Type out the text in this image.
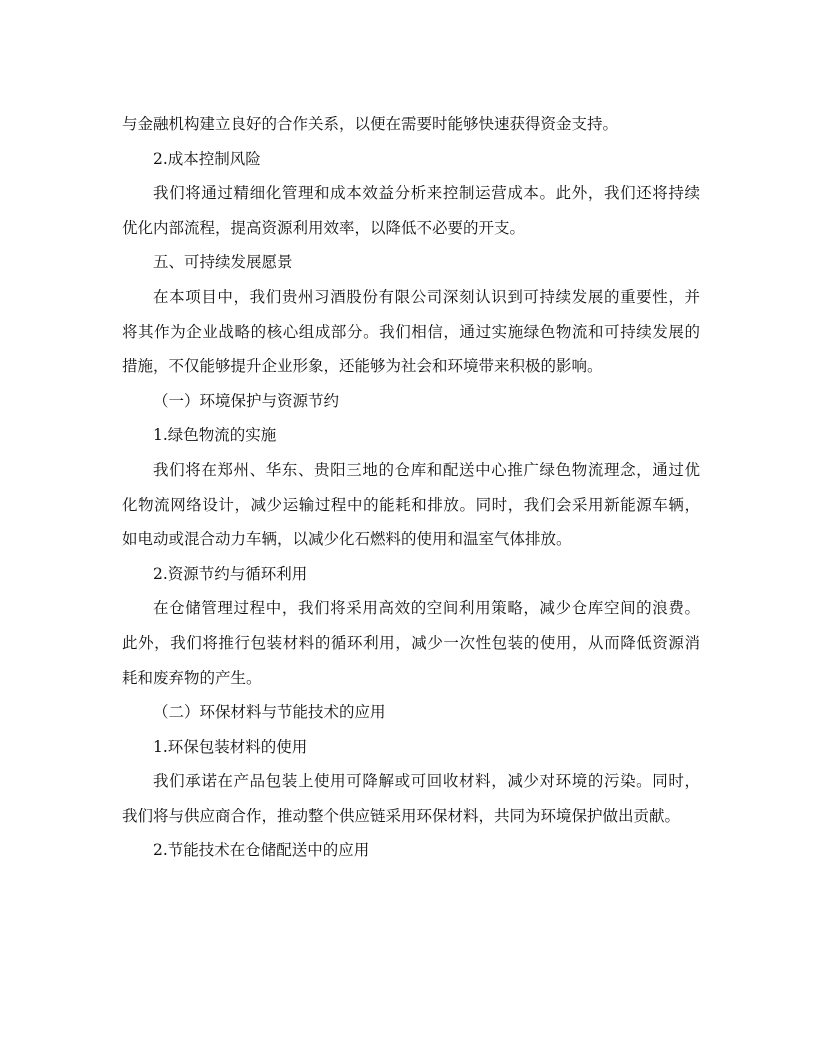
与金融机构建立良好的合作关系，以便在需要时能够快速获得资金支持。
2.成本控制风险
我们将通过精细化管理和成本效益分析来控制运营成本。此外，我们还将持续
优化内部流程，提高资源利用效率，以降低不必要的开支。
五、可持续发展愿景
在本项目中，我们贵州习酒股份有限公司深刻认识到可持续发展的重要性，并
将其作为企业战略的核心组成部分。我们相信，通过实施绿色物流和可持续发展的
措施，不仅能够提升企业形象，还能够为社会和环境带来积极的影响。
（一）环境保护与资源节约
1.绿色物流的实施
我们将在郑州、华东、贵阳三地的仓库和配送中心推广绿色物流理念，通过优
化物流网络设计，减少运输过程中的能耗和排放。同时，我们会采用新能源车辆，
如电动或混合动力车辆，以减少化石燃料的使用和温室气体排放。
2.资源节约与循环利用
在仓储管理过程中，我们将采用高效的空间利用策略，减少仓库空间的浪费。
此外，我们将推行包装材料的循环利用，减少一次性包装的使用，从而降低资源消
耗和废弃物的产生。
（二）环保材料与节能技术的应用
1.环保包装材料的使用
我们承诺在产品包装上使用可降解或可回收材料，减少对环境的污染。同时，
我们将与供应商合作，推动整个供应链采用环保材料，共同为环境保护做出贡献。
2.节能技术在仓储配送中的应用
